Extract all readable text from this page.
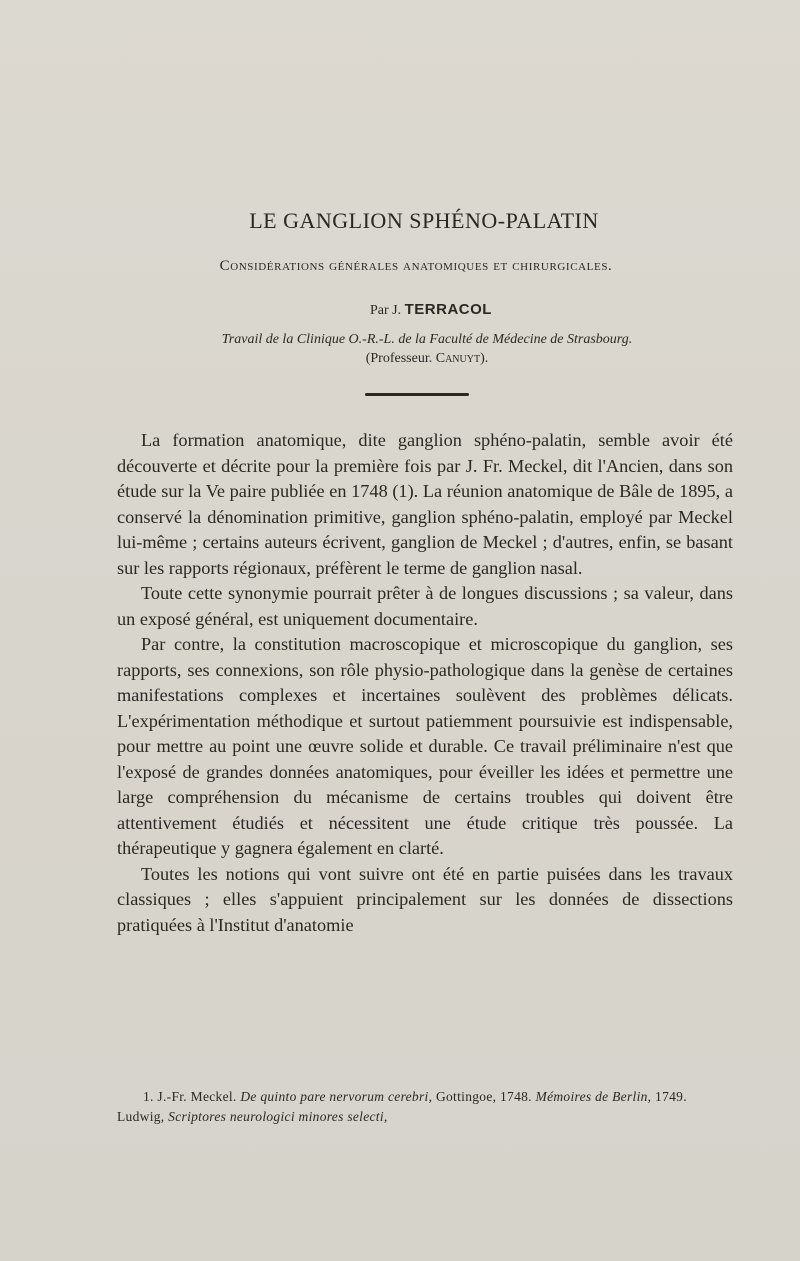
LE GANGLION SPHÉNO-PALATIN
Considérations générales anatomiques et chirurgicales.
Par J. TERRACOL
Travail de la Clinique O.-R.-L. de la Faculté de Médecine de Strasbourg.
(Professeur. Canuyt).

La formation anatomique, dite ganglion sphéno-palatin, semble avoir été découverte et décrite pour la première fois par J. Fr. Meckel, dit l'Ancien, dans son étude sur la Ve paire publiée en 1748 (1). La réunion anatomique de Bâle de 1895, a conservé la dénomination primitive, ganglion sphéno-palatin, employé par Meckel lui-même ; certains auteurs écrivent, ganglion de Meckel ; d'autres, enfin, se basant sur les rapports régionaux, préfèrent le terme de ganglion nasal.

Toute cette synonymie pourrait prêter à de longues discussions ; sa valeur, dans un exposé général, est uniquement documentaire.

Par contre, la constitution macroscopique et microscopique du ganglion, ses rapports, ses connexions, son rôle physio-pathologique dans la genèse de certaines manifestations complexes et incertaines soulèvent des problèmes délicats. L'expérimentation méthodique et surtout patiemment poursuivie est indispensable, pour mettre au point une œuvre solide et durable. Ce travail préliminaire n'est que l'exposé de grandes données anatomiques, pour éveiller les idées et permettre une large compréhension du mécanisme de certains troubles qui doivent être attentivement étudiés et nécessitent une étude critique très poussée. La thérapeutique y gagnera également en clarté.

Toutes les notions qui vont suivre ont été en partie puisées dans les travaux classiques ; elles s'appuient principalement sur les données de dissections pratiquées à l'Institut d'anatomie

1. J.-Fr. Meckel. De quinto pare nervorum cerebri, Gottingoe, 1748. Mémoires de Berlin, 1749.

Ludwig, Scriptores neurologici minores selecti,
